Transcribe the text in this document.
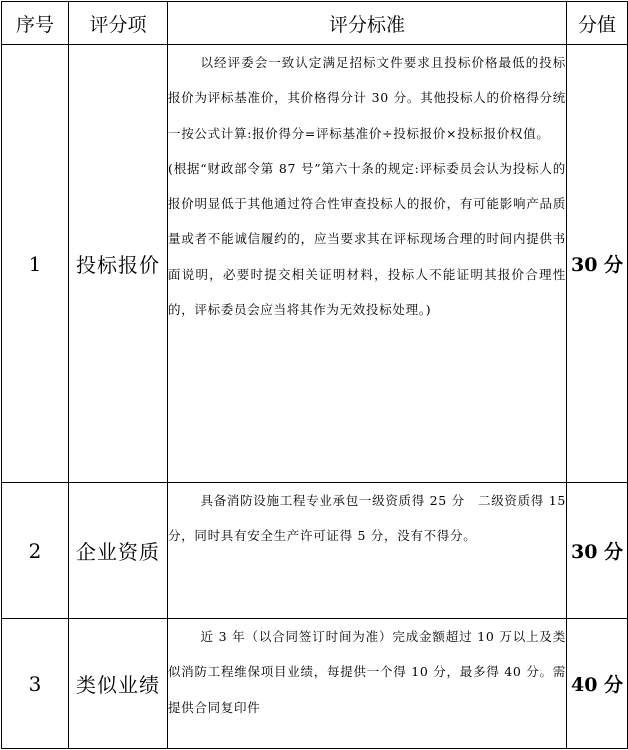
序号	评分项	评分标准	分值
1	投标报价	以经评委会一致认定满足招标文件要求且投标价格最低的投标报价为评标基准价，其价格得分计 30 分。其他投标人的价格得分统一按公式计算:报价得分=评标基准价÷投标报价×投标报价权值。

(根据“财政部令第 87 号”第六十条的规定:评标委员会认为投标人的报价明显低于其他通过符合性审查投标人的报价，有可能影响产品质量或者不能诚信履约的，应当要求其在评标现场合理的时间内提供书面说明，必要时提交相关证明材料，投标人不能证明其报价合理性的，评标委员会应当将其作为无效投标处理。)	30 分
2	企业资质	具备消防设施工程专业承包一级资质得 25 分　二级资质得 15 分，同时具有安全生产许可证得 5 分，没有不得分。	30 分
3	类似业绩	近 3 年（以合同签订时间为准）完成金额超过 10 万以上及类似消防工程维保项目业绩，每提供一个得 10 分，最多得 40 分。需提供合同复印件	40 分
